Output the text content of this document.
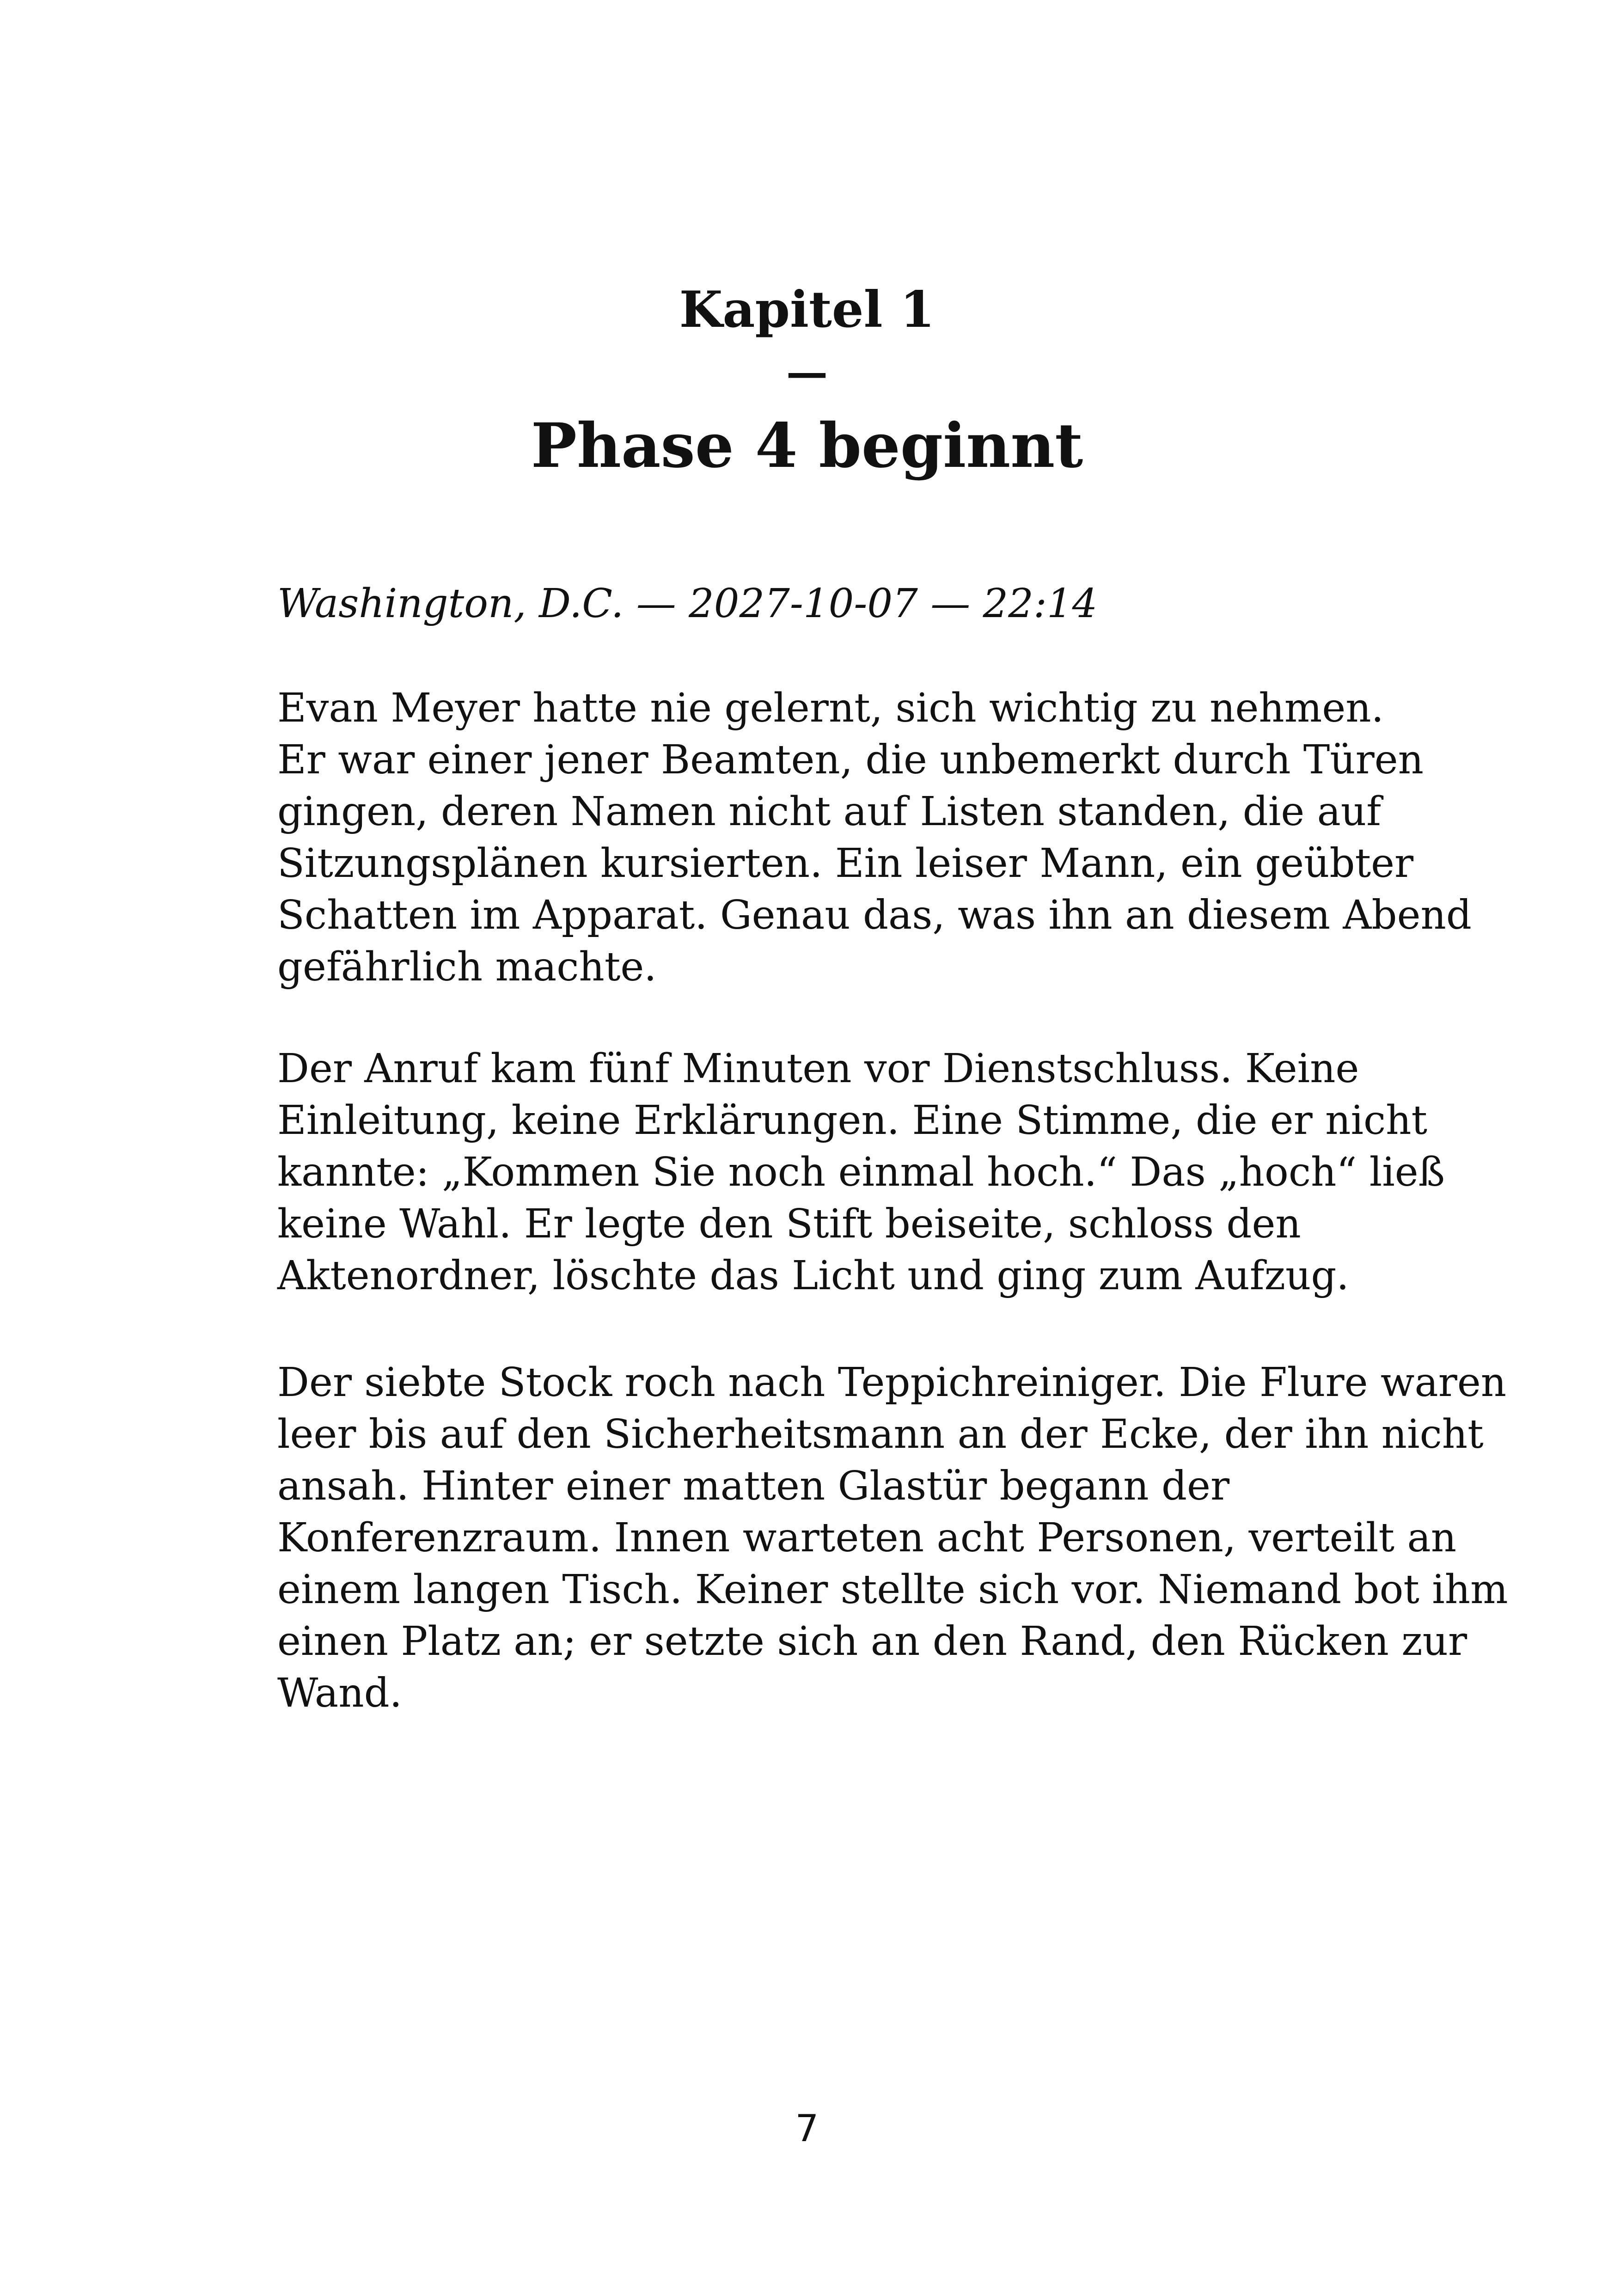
Kapitel 1
—
Phase 4 beginnt

Washington, D.C. — 2027-10-07 — 22:14

Evan Meyer hatte nie gelernt, sich wichtig zu nehmen.
Er war einer jener Beamten, die unbemerkt durch Türen
gingen, deren Namen nicht auf Listen standen, die auf
Sitzungsplänen kursierten. Ein leiser Mann, ein geübter
Schatten im Apparat. Genau das, was ihn an diesem Abend
gefährlich machte.

Der Anruf kam fünf Minuten vor Dienstschluss. Keine
Einleitung, keine Erklärungen. Eine Stimme, die er nicht
kannte: „Kommen Sie noch einmal hoch.“ Das „hoch“ ließ
keine Wahl. Er legte den Stift beiseite, schloss den
Aktenordner, löschte das Licht und ging zum Aufzug.

Der siebte Stock roch nach Teppichreiniger. Die Flure waren
leer bis auf den Sicherheitsmann an der Ecke, der ihn nicht
ansah. Hinter einer matten Glastür begann der
Konferenzraum. Innen warteten acht Personen, verteilt an
einem langen Tisch. Keiner stellte sich vor. Niemand bot ihm
einen Platz an; er setzte sich an den Rand, den Rücken zur
Wand.

7
